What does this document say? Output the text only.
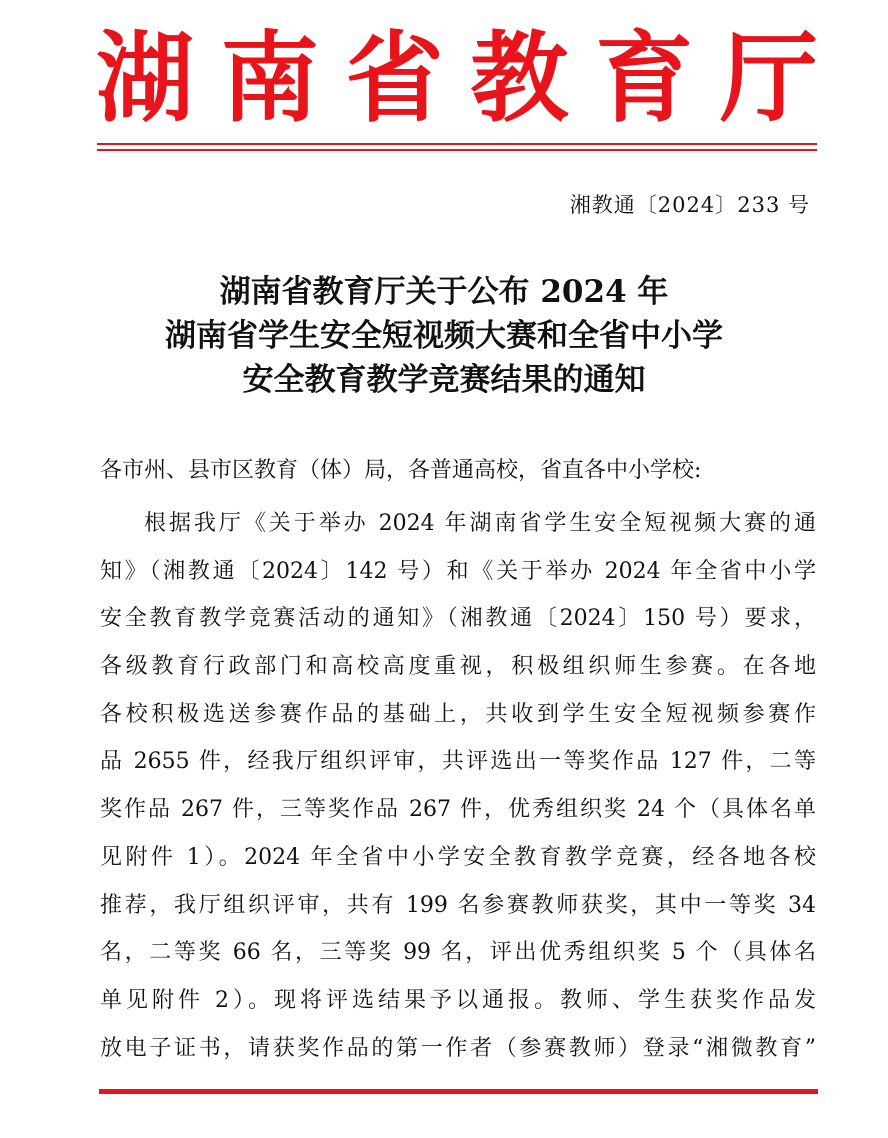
湖 南 省 教 育 厅
湘教通〔2024〕233 号
湖南省教育厅关于公布 2024 年
湖南省学生安全短视频大赛和全省中小学
安全教育教学竞赛结果的通知
各市州、县市区教育（体）局，各普通高校，省直各中小学校:
根据我厅《关于举办 2024 年湖南省学生安全短视频大赛的通
知》（湘教通〔2024〕142 号）和《关于举办 2024 年全省中小学
安全教育教学竞赛活动的通知》（湘教通〔2024〕150 号）要求，
各级教育行政部门和高校高度重视，积极组织师生参赛。在各地
各校积极选送参赛作品的基础上，共收到学生安全短视频参赛作
品 2655 件，经我厅组织评审，共评选出一等奖作品 127 件，二等
奖作品 267 件，三等奖作品 267 件，优秀组织奖 24 个（具体名单
见附件 1）。2024 年全省中小学安全教育教学竞赛，经各地各校
推荐，我厅组织评审，共有 199 名参赛教师获奖，其中一等奖 34
名，二等奖 66 名，三等奖 99 名，评出优秀组织奖 5 个（具体名
单见附件 2）。现将评选结果予以通报。教师、学生获奖作品发
放电子证书，请获奖作品的第一作者（参赛教师）登录“湘微教育”
